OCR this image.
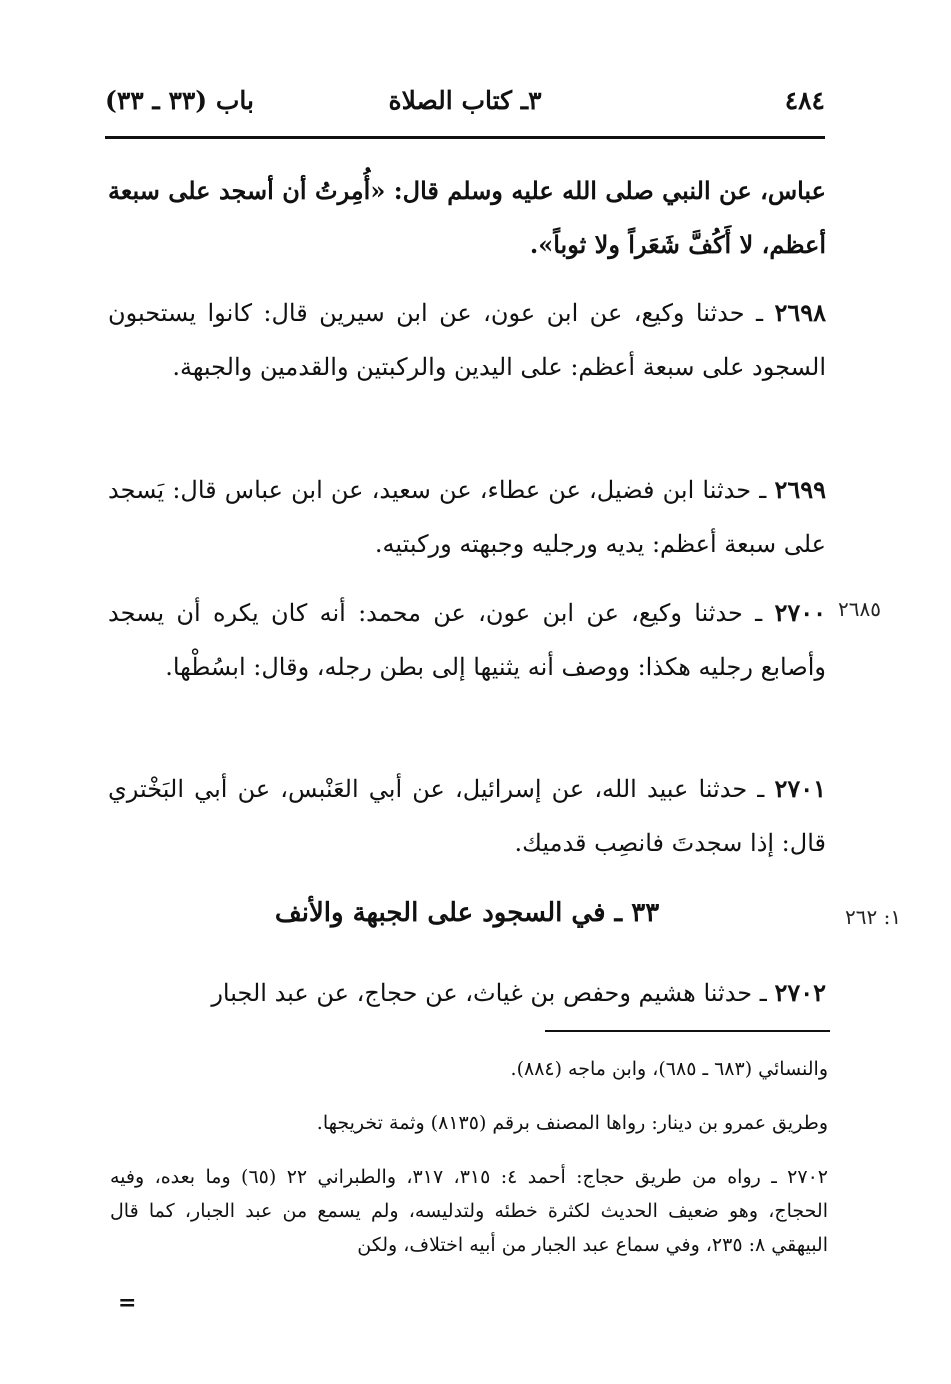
٤٨٤
٣ـ كتاب الصلاة
باب (٣٣ ـ ٣٣)
عباس، عن النبي صلى الله عليه وسلم قال: «أُمِرتُ أن أسجد على سبعة أعظم، لا أَكُفَّ شَعَراً ولا ثوباً».
٢٦٩٨ ـ حدثنا وكيع، عن ابن عون، عن ابن سيرين قال: كانوا يستحبون السجود على سبعة أعظم: على اليدين والركبتين والقدمين والجبهة.
٢٦٩٩ ـ حدثنا ابن فضيل، عن عطاء، عن سعيد، عن ابن عباس قال: يَسجد على سبعة أعظم: يديه ورجليه وجبهته وركبتيه.
٢٦٨٥
٢٧٠٠ ـ حدثنا وكيع، عن ابن عون، عن محمد: أنه كان يكره أن يسجد وأصابع رجليه هكذا: ووصف أنه يثنيها إلى بطن رجله، وقال: ابسُطْها.
٢٧٠١ ـ حدثنا عبيد الله، عن إسرائيل، عن أبي العَنْبس، عن أبي البَخْتري قال: إذا سجدتَ فانصِب قدميك.
١: ٢٦٢
٣٣ ـ في السجود على الجبهة والأنف
٢٧٠٢ ـ حدثنا هشيم وحفص بن غياث، عن حجاج، عن عبد الجبار
والنسائي (٦٨٣ ـ ٦٨٥)، وابن ماجه (٨٨٤).
وطريق عمرو بن دينار: رواها المصنف برقم (٨١٣٥) وثمة تخريجها.
٢٧٠٢ ـ رواه من طريق حجاج: أحمد ٤: ٣١٥، ٣١٧، والطبراني ٢٢ (٦٥) وما بعده، وفيه الحجاج، وهو ضعيف الحديث لكثرة خطئه ولتدليسه، ولم يسمع من عبد الجبار، كما قال البيهقي ٨: ٢٣٥، وفي سماع عبد الجبار من أبيه اختلاف، ولكن
=
